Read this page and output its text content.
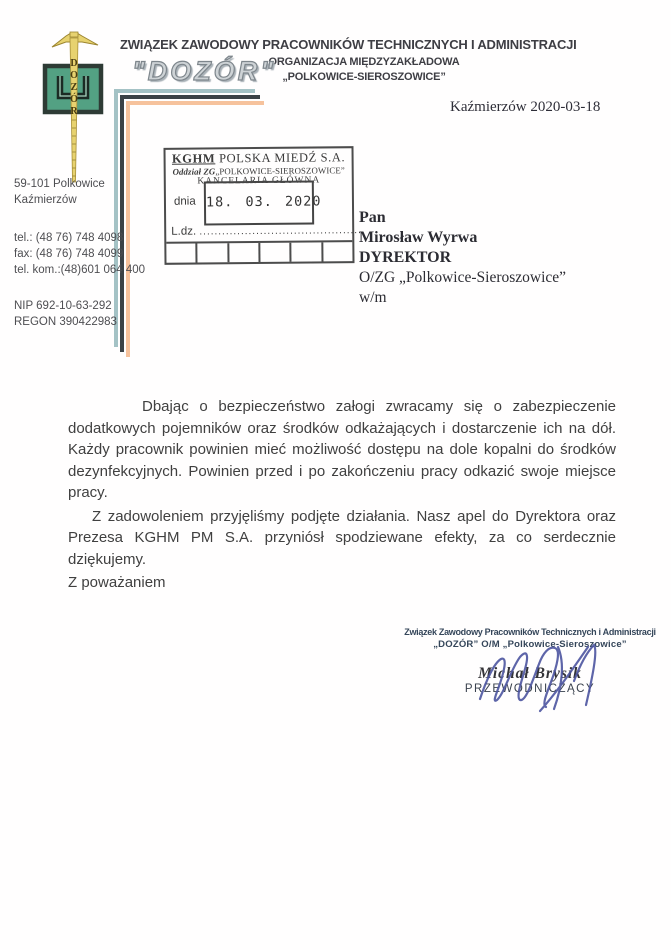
D
O
Z
Ó
R
ZWIĄZEK ZAWODOWY PRACOWNIKÓW TECHNICZNYCH I ADMINISTRACJI
ORGANIZACJA MIĘDZYZAKŁADOWA
„POLKOWICE-SIEROSZOWICE”
"DOZÓR"
Kaźmierzów 2020-03-18
59-101 Polkowice
Kaźmierzów
tel.: (48 76) 748 4098
fax: (48 76) 748 4099
tel. kom.:(48)601 064 400
NIP 692-10-63-292
REGON 390422983
KGHM POLSKA MIEDŹ S.A.
Oddział ZG„POLKOWICE-SIEROSZOWICE”
KANCELARIA GŁÓWNA
dnia 18. 03. 2020
L.dz. ...........................................
Pan
Mirosław Wyrwa
DYREKTOR
O/ZG „Polkowice-Sieroszowice”
w/m

Dbając o bezpieczeństwo załogi zwracamy się o zabezpieczenie dodatkowych pojemników oraz środków odkażających i dostarczenie ich na dół. Każdy pracownik powinien mieć możliwość dostępu na dole kopalni do środków dezynfekcyjnych. Powinien przed i po zakończeniu pracy odkazić swoje miejsce pracy.

Z zadowoleniem przyjęliśmy podjęte działania. Nasz apel do Dyrektora oraz Prezesa KGHM PM S.A. przyniósł spodziewane efekty, za co serdecznie dziękujemy.

Z poważaniem

Związek Zawodowy Pracowników Technicznych i Administracji
„DOZÓR” O/M „Polkowice-Sieroszowice”
Michał Brysik
PRZEWODNICZĄCY
